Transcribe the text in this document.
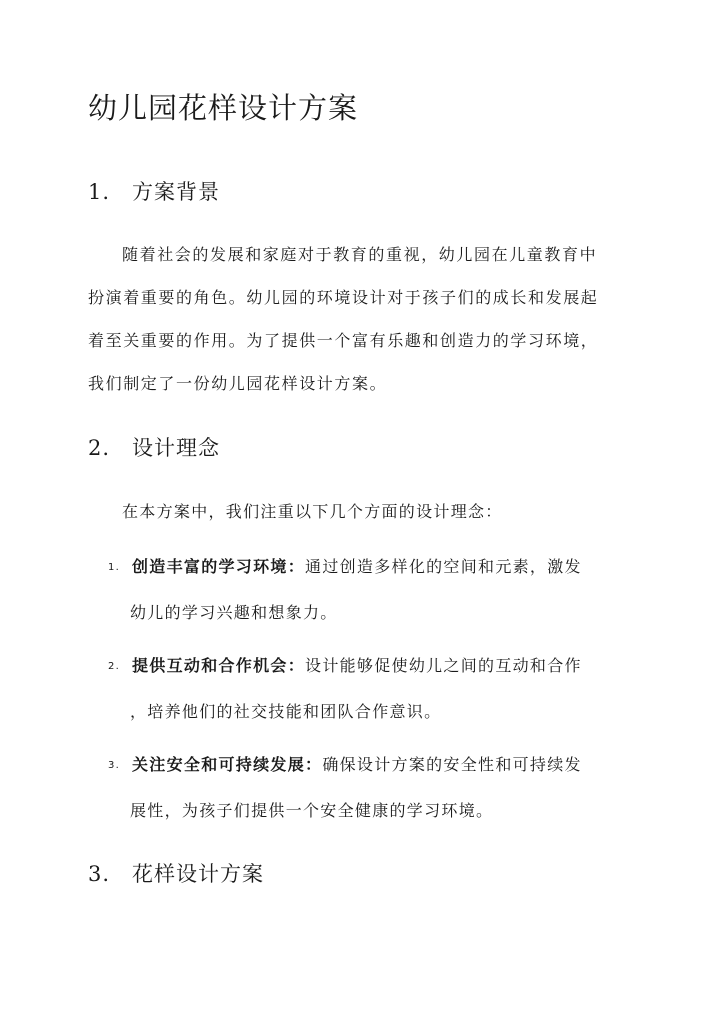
幼儿园花样设计方案
1. 方案背景
随着社会的发展和家庭对于教育的重视，幼儿园在儿童教育中
扮演着重要的角色。幼儿园的环境设计对于孩子们的成长和发展起
着至关重要的作用。为了提供一个富有乐趣和创造力的学习环境，
我们制定了一份幼儿园花样设计方案。
2. 设计理念

在本方案中，我们注重以下几个方面的设计理念：

1. 创造丰富的学习环境：通过创造多样化的空间和元素，激发
幼儿的学习兴趣和想象力。
2. 提供互动和合作机会：设计能够促使幼儿之间的互动和合作
，培养他们的社交技能和团队合作意识。
3. 关注安全和可持续发展：确保设计方案的安全性和可持续发
展性，为孩子们提供一个安全健康的学习环境。
3. 花样设计方案
